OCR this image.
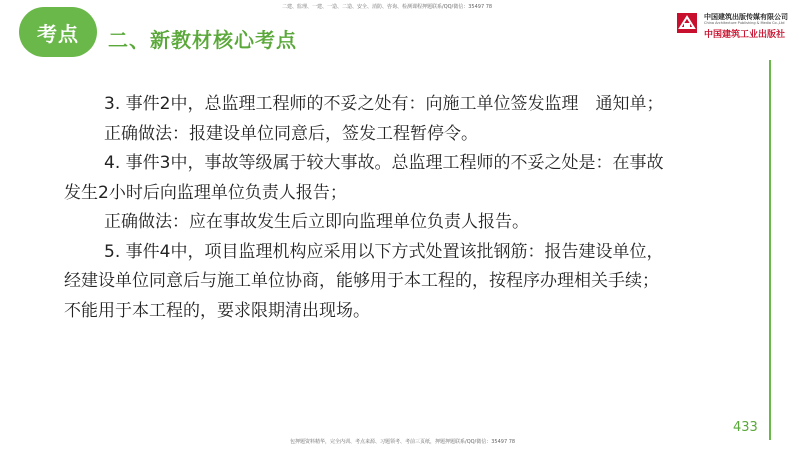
考点 二、新教材核心考点
二建、监理、一建、一造、二造、安全、消防、咨询、检测课程押题联系/QQ/微信：35497 78
中国建筑出版传媒有限公司
China Architecture Publishing & Media Co.,Ltd
中国建筑工业出版社

3. 事件2中，总监理工程师的不妥之处有：向施工单位签发监理　通知单；

正确做法：报建设单位同意后，签发工程暂停令。

4. 事件3中，事故等级属于较大事故。总监理工程师的不妥之处是：在事故

发生2小时后向监理单位负责人报告；

正确做法：应在事故发生后立即向监理单位负责人报告。

5. 事件4中，项目监理机构应采用以下方式处置该批钢筋：报告建设单位，

经建设单位同意后与施工单位协商，能够用于本工程的，按程序办理相关手续；

不能用于本工程的，要求限期清出现场。

433
包押题资料精华，完全内训、考点来源、习题领考、考前三页纸，押题押题联系/QQ/微信：35497 78
